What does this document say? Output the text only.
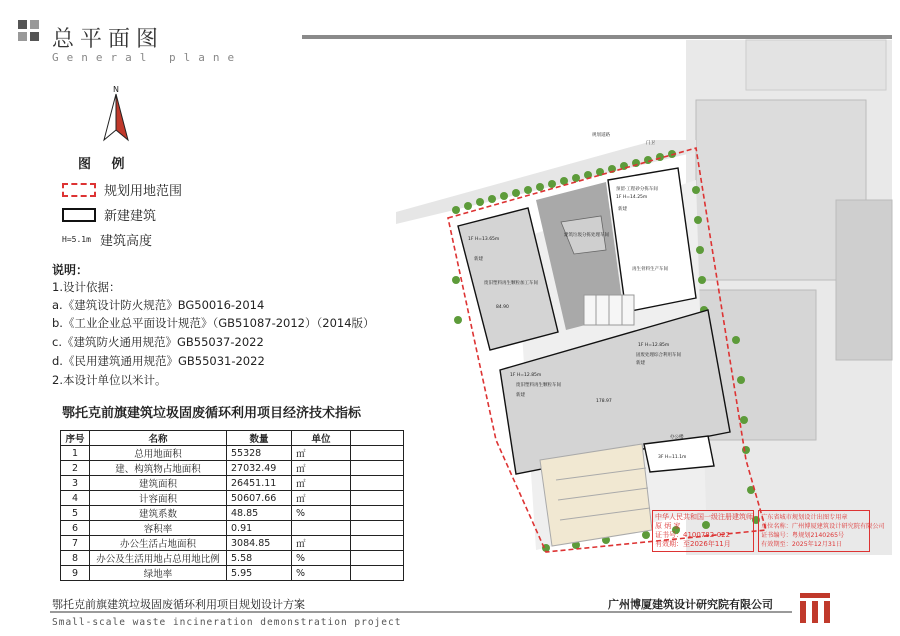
总平面图
General plane
N
图 例
规划用地范围
新建建筑
H=5.1m 建筑高度
说明：
1.设计依据：
a.《建筑设计防火规范》BG50016-2014
b.《工业企业总平面设计规范》（GB51087-2012）（2014版）
c.《建筑防火通用规范》GB55037-2022
d.《民用建筑通用规范》GB55031-2022
2.本设计单位以米计。
鄂托克前旗建筑垃圾固废循环利用项目经济技术指标
序号	名称	数量	单位	
1	总用地面积	55328	㎡	
2	建、构筑物占地面积	27032.49	㎡	
3	建筑面积	26451.11	㎡	
4	计容面积	50607.66	㎡	
5	建筑系数	48.85	%	
6	容积率	0.91		
7	办公生活占地面积	3084.85	㎡	
8	办公及生活用地占总用地比例	5.58	%	
9	绿地率	5.95	%	
1F H=13.65m
新建
废旧塑料再生颗粒加工车间
预留·工程砂分拣车间
1F H=14.25m
新建
再生骨料生产车间
建筑垃圾分拣处理车间
1F H=12.85m
固废处理综合利用车间
新建
1F H=12.85m
废旧塑料再生颗粒车间
新建
办公楼
3F H=11.1m
84.90
178.97
规划道路
门卫
中华人民共和国一级注册建筑师
原 炳 家
证书号：4100782-022
有效期：至2026年11月
广东省城市规划设计出图专用章
单位名称：广州博厦建筑设计研究院有限公司
证书编号：粤规划2140265号
有效期至：2025年12月31日
鄂托克前旗建筑垃圾固废循环利用项目规划设计方案	广州博厦建筑设计研究院有限公司
Small-scale waste incineration demonstration project
